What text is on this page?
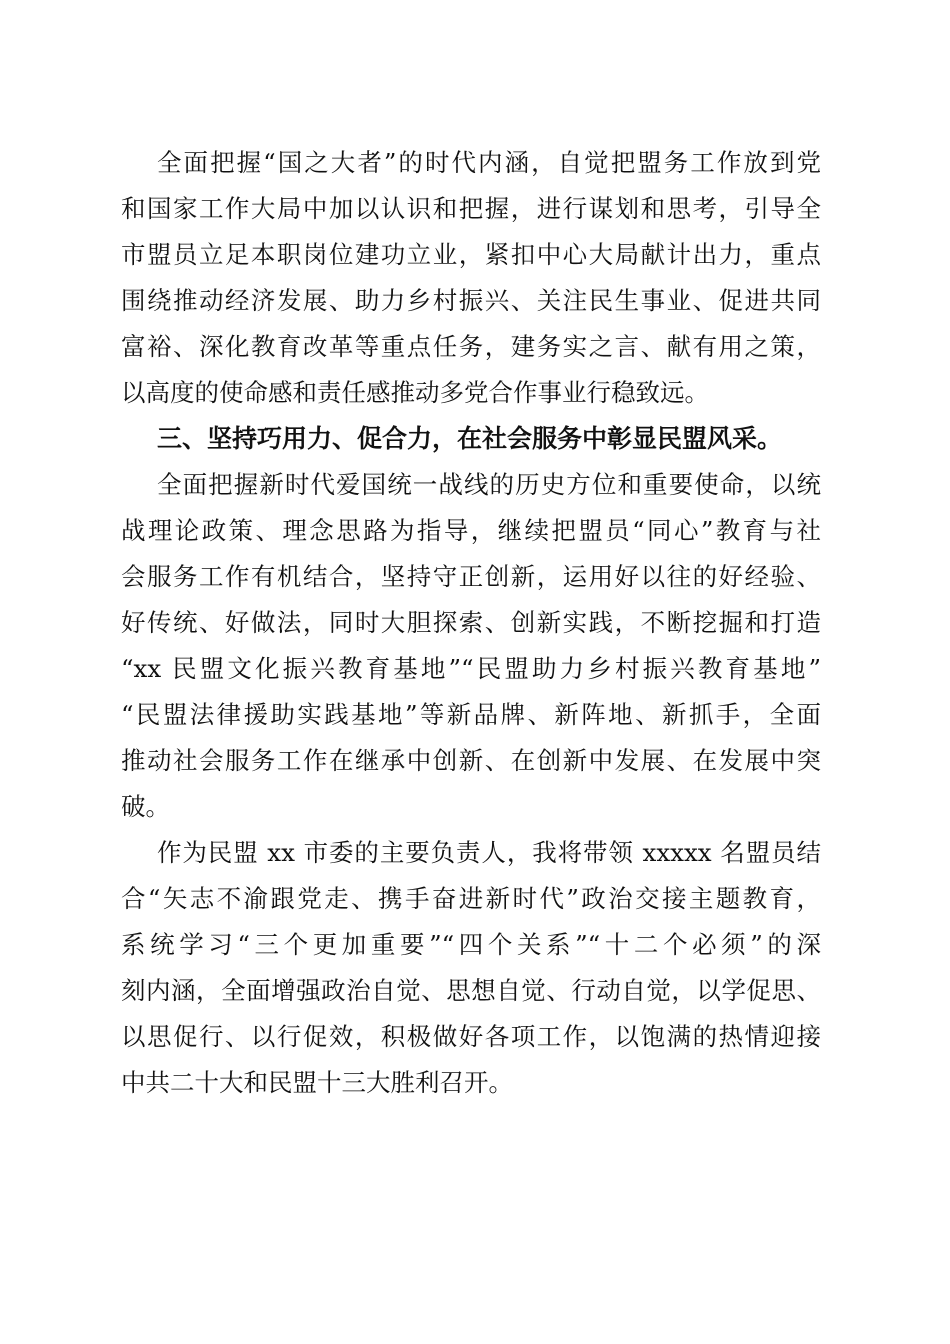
全面把握“国之大者”的时代内涵，自觉把盟务工作放到党
和国家工作大局中加以认识和把握，进行谋划和思考，引导全
市盟员立足本职岗位建功立业，紧扣中心大局献计出力，重点
围绕推动经济发展、助力乡村振兴、关注民生事业、促进共同
富裕、深化教育改革等重点任务，建务实之言、献有用之策，
以高度的使命感和责任感推动多党合作事业行稳致远。
三、坚持巧用力、促合力，在社会服务中彰显民盟风采。
全面把握新时代爱国统一战线的历史方位和重要使命，以统
战理论政策、理念思路为指导，继续把盟员“同心”教育与社
会服务工作有机结合，坚持守正创新，运用好以往的好经验、
好传统、好做法，同时大胆探索、创新实践，不断挖掘和打造
“xx 民盟文化振兴教育基地”“民盟助力乡村振兴教育基地”
“民盟法律援助实践基地”等新品牌、新阵地、新抓手，全面
推动社会服务工作在继承中创新、在创新中发展、在发展中突
破。
作为民盟 xx 市委的主要负责人，我将带领 xxxxx 名盟员结
合“矢志不渝跟党走、携手奋进新时代”政治交接主题教育，
系统学习“三个更加重要”“四个关系”“十二个必须”的深
刻内涵，全面增强政治自觉、思想自觉、行动自觉，以学促思、
以思促行、以行促效，积极做好各项工作，以饱满的热情迎接
中共二十大和民盟十三大胜利召开。
